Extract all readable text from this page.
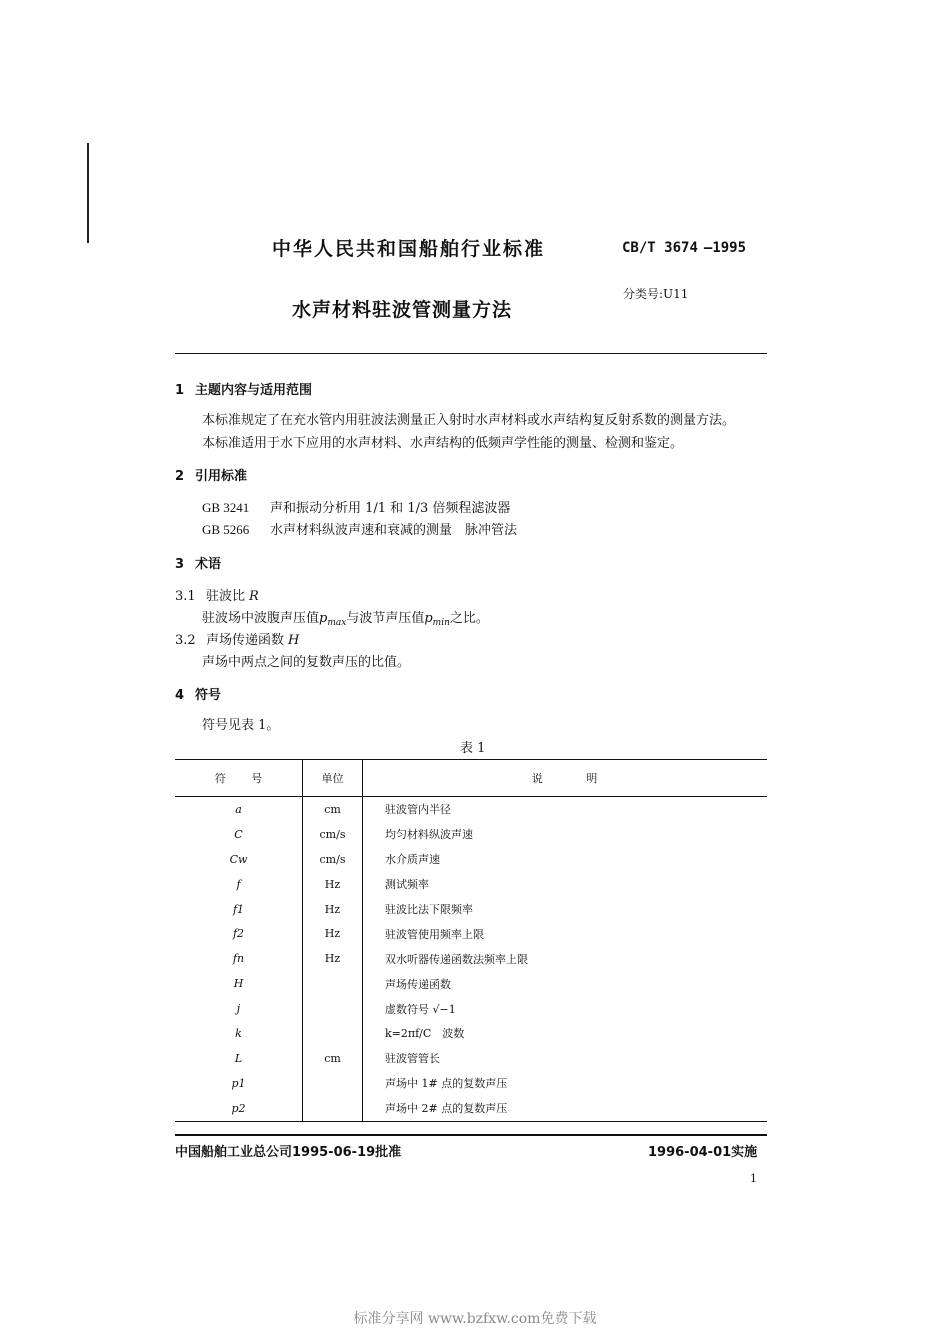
中华人民共和国船舶行业标准	CB/T 3674 —1995
分类号:U11
水声材料驻波管测量方法
1 主题内容与适用范围
本标准规定了在充水管内用驻波法测量正入射时水声材料或水声结构复反射系数的测量方法。
本标准适用于水下应用的水声材料、水声结构的低频声学性能的测量、检测和鉴定。
2 引用标准
GB 3241 声和振动分析用 1/1 和 1/3 倍频程滤波器
GB 5266 水声材料纵波声速和衰减的测量　脉冲管法
3 术语
3.1 驻波比 R
驻波场中波腹声压值$p_{max}$与波节声压值$p_{min}$之比。
3.2 声场传递函数 H
声场中两点之间的复数声压的比值。
4 符号
符号见表 1。
表 1
符 号	单位	说 明
a	cm	驻波管内半径
C	cm/s	均匀材料纵波声速
Cw	cm/s	水介质声速
f	Hz	测试频率
f1	Hz	驻波比法下限频率
f2	Hz	驻波管使用频率上限
fn	Hz	双水听器传递函数法频率上限
H		声场传递函数
j		虚数符号 √−1
k		k=2πf/C　波数
L	cm	驻波管管长
p1		声场中 1# 点的复数声压
p2		声场中 2# 点的复数声压
中国船舶工业总公司1995-06-19批准	1996-04-01实施
1
标准分享网 www.bzfxw.com免费下载
